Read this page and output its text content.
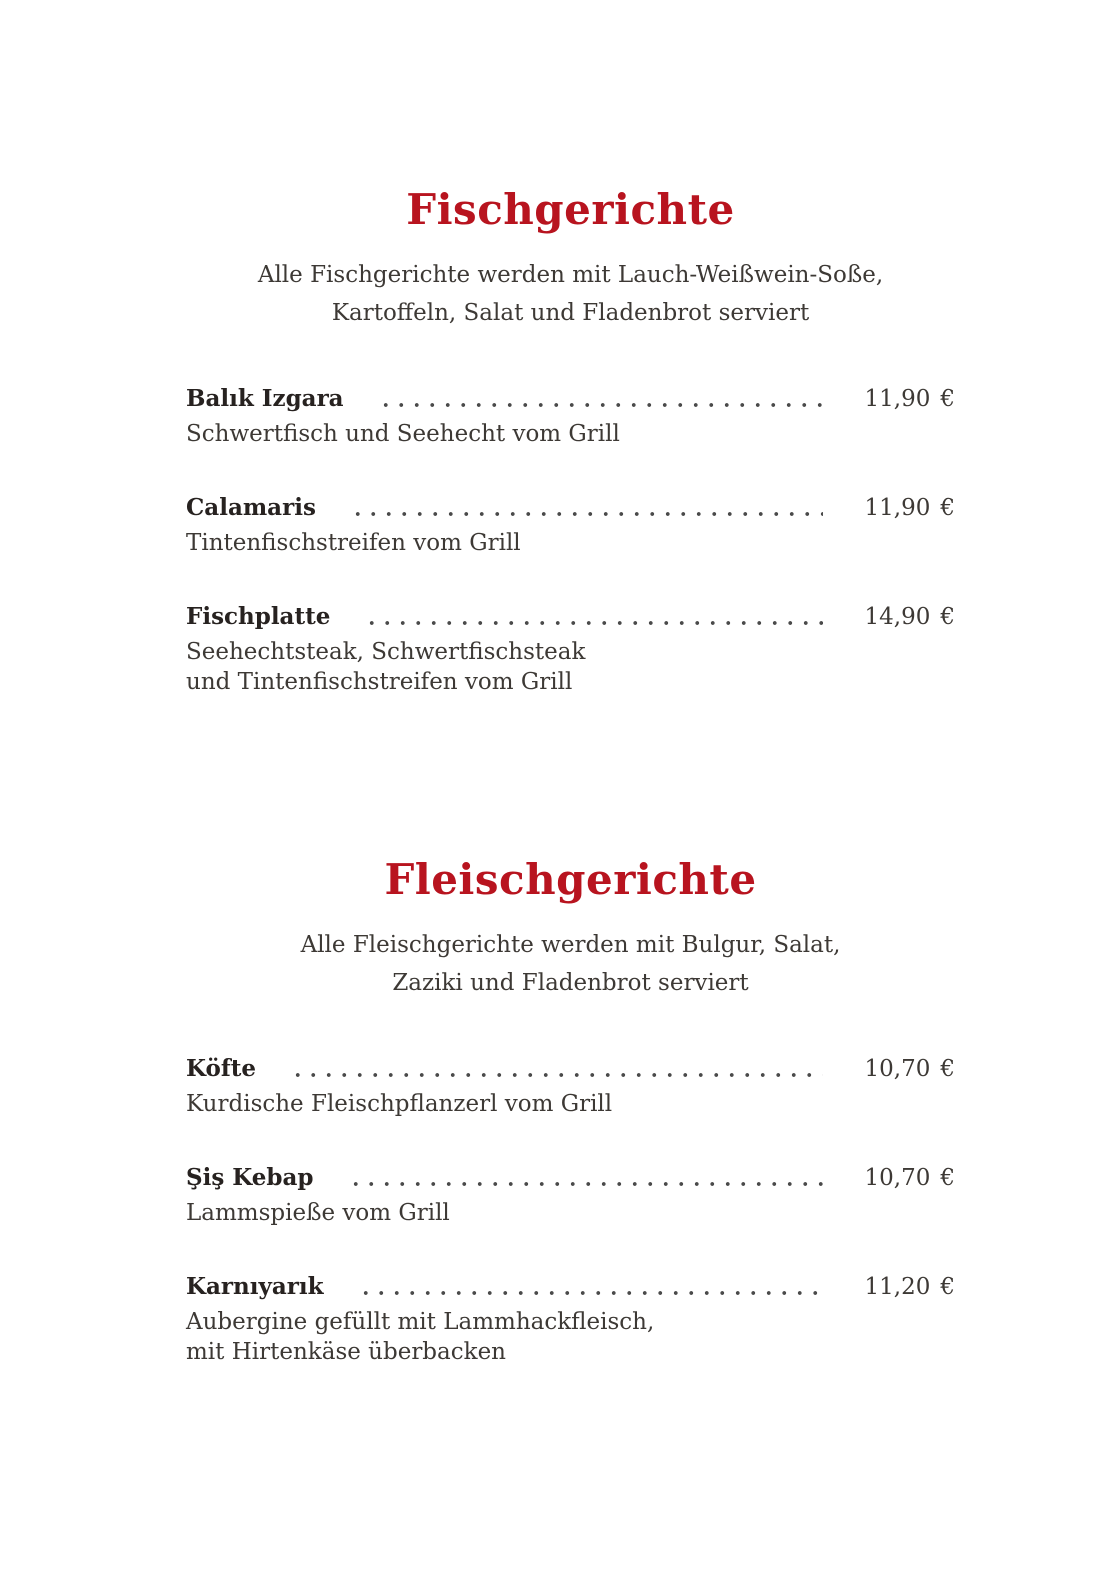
Fischgerichte

Alle Fischgerichte werden mit Lauch-Weißwein-Soße,
Kartoffeln, Salat und Fladenbrot serviert

Balık Izgara	11,90 €
Schwertfisch und Seehecht vom Grill
Calamaris	11,90 €
Tintenfischstreifen vom Grill
Fischplatte	14,90 €
Seehechtsteak, Schwertfischsteak
und Tintenfischstreifen vom Grill
Fleischgerichte

Alle Fleischgerichte werden mit Bulgur, Salat,
Zaziki und Fladenbrot serviert

Köfte	10,70 €
Kurdische Fleischpflanzerl vom Grill
Şiş Kebap	10,70 €
Lammspieße vom Grill
Karnıyarık	11,20 €
Aubergine gefüllt mit Lammhackfleisch,
mit Hirtenkäse überbacken
